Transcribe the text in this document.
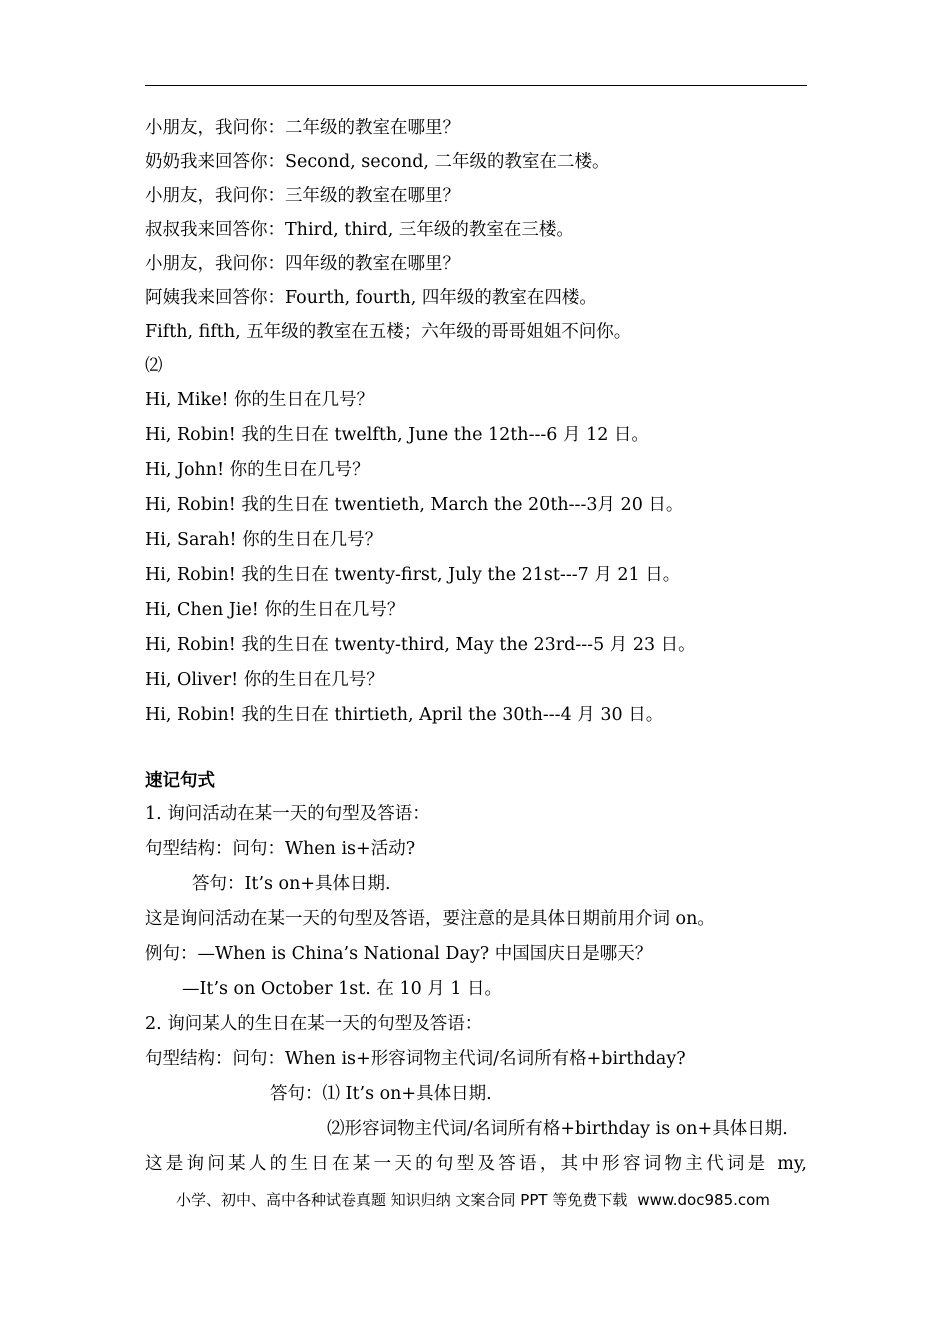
小朋友，我问你：二年级的教室在哪里？
奶奶我来回答你：Second, second, 二年级的教室在二楼。
小朋友，我问你：三年级的教室在哪里？
叔叔我来回答你：Third, third, 三年级的教室在三楼。
小朋友，我问你：四年级的教室在哪里？
阿姨我来回答你：Fourth, fourth, 四年级的教室在四楼。
Fifth, fifth, 五年级的教室在五楼；六年级的哥哥姐姐不问你。
⑵
Hi, Mike! 你的生日在几号？
Hi, Robin! 我的生日在 twelfth, June the 12th---6 月 12 日。
Hi, John! 你的生日在几号？
Hi, Robin! 我的生日在 twentieth, March the 20th---3月 20 日。
Hi, Sarah! 你的生日在几号？
Hi, Robin! 我的生日在 twenty-first, July the 21st---7 月 21 日。
Hi, Chen Jie! 你的生日在几号？
Hi, Robin! 我的生日在 twenty-third, May the 23rd---5 月 23 日。
Hi, Oliver! 你的生日在几号？
Hi, Robin! 我的生日在 thirtieth, April the 30th---4 月 30 日。
速记句式
1. 询问活动在某一天的句型及答语：
句型结构：问句：When is+活动?
答句：It’s on+具体日期.
这是询问活动在某一天的句型及答语，要注意的是具体日期前用介词 on。
例句：—When is China’s National Day? 中国国庆日是哪天？
—It’s on October 1st. 在 10 月 1 日。
2. 询问某人的生日在某一天的句型及答语：
句型结构：问句：When is+形容词物主代词/名词所有格+birthday?
答句：⑴ It’s on+具体日期.
⑵形容词物主代词/名词所有格+birthday is on+具体日期.
这是询问某人的生日在某一天的句型及答语，其中形容词物主代词是 my,
小学、初中、高中各种试卷真题 知识归纳 文案合同 PPT 等免费下载 www.doc985.com
